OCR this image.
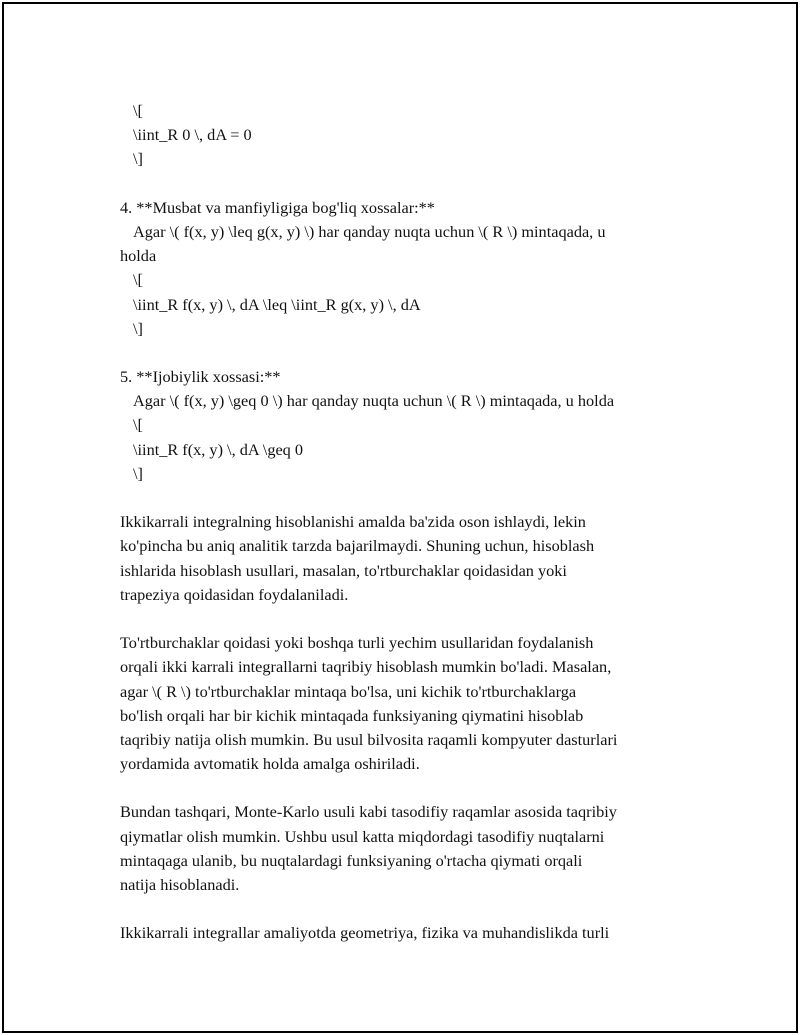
\[
\iint_R 0 \, dA = 0
\]
4. **Musbat va manfiyligiga bog'liq xossalar:**
Agar \( f(x, y) \leq g(x, y) \) har qanday nuqta uchun \( R \) mintaqada, u
holda
\[
\iint_R f(x, y) \, dA \leq \iint_R g(x, y) \, dA
\]
5. **Ijobiylik xossasi:**
Agar \( f(x, y) \geq 0 \) har qanday nuqta uchun \( R \) mintaqada, u holda
\[
\iint_R f(x, y) \, dA \geq 0
\]
Ikkikarrali integralning hisoblanishi amalda ba'zida oson ishlaydi, lekin
ko'pincha bu aniq analitik tarzda bajarilmaydi. Shuning uchun, hisoblash
ishlarida hisoblash usullari, masalan, to'rtburchaklar qoidasidan yoki
trapeziya qoidasidan foydalaniladi.
To'rtburchaklar qoidasi yoki boshqa turli yechim usullaridan foydalanish
orqali ikki karrali integrallarni taqribiy hisoblash mumkin bo'ladi. Masalan,
agar \( R \) to'rtburchaklar mintaqa bo'lsa, uni kichik to'rtburchaklarga
bo'lish orqali har bir kichik mintaqada funksiyaning qiymatini hisoblab
taqribiy natija olish mumkin. Bu usul bilvosita raqamli kompyuter dasturlari
yordamida avtomatik holda amalga oshiriladi.
Bundan tashqari, Monte-Karlo usuli kabi tasodifiy raqamlar asosida taqribiy
qiymatlar olish mumkin. Ushbu usul katta miqdordagi tasodifiy nuqtalarni
mintaqaga ulanib, bu nuqtalardagi funksiyaning o'rtacha qiymati orqali
natija hisoblanadi.
Ikkikarrali integrallar amaliyotda geometriya, fizika va muhandislikda turli
